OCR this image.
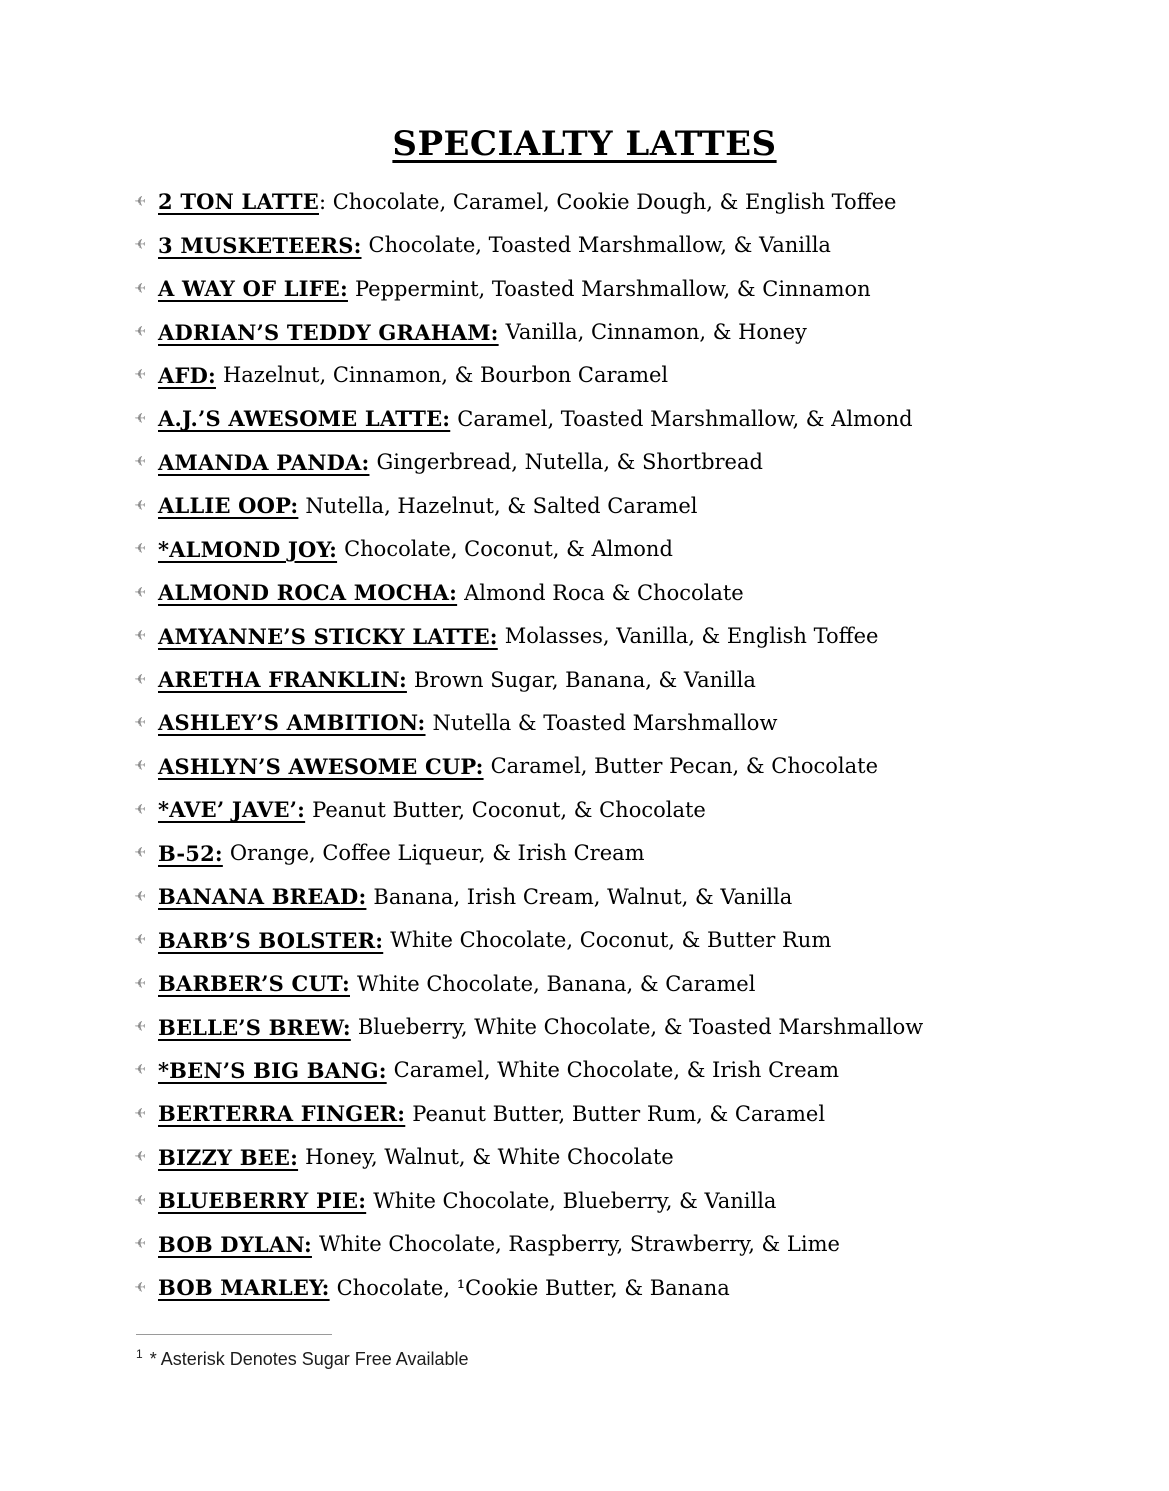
SPECIALTY LATTES
✈ 2 TON LATTE : Chocolate, Caramel, Cookie Dough, & English Toffee
✈ 3 MUSKETEERS: Chocolate, Toasted Marshmallow, & Vanilla
✈ A WAY OF LIFE: Peppermint, Toasted Marshmallow, & Cinnamon
✈ ADRIAN’S TEDDY GRAHAM: Vanilla, Cinnamon, & Honey
✈ AFD: Hazelnut, Cinnamon, & Bourbon Caramel
✈ A.J.’S AWESOME LATTE: Caramel, Toasted Marshmallow, & Almond
✈ AMANDA PANDA: Gingerbread, Nutella, & Shortbread
✈ ALLIE OOP: Nutella, Hazelnut, & Salted Caramel
✈ *ALMOND JOY: Chocolate, Coconut, & Almond
✈ ALMOND ROCA MOCHA: Almond Roca & Chocolate
✈ AMYANNE’S STICKY LATTE: Molasses, Vanilla, & English Toffee
✈ ARETHA FRANKLIN: Brown Sugar, Banana, & Vanilla
✈ ASHLEY’S AMBITION: Nutella & Toasted Marshmallow
✈ ASHLYN’S AWESOME CUP: Caramel, Butter Pecan, & Chocolate
✈ *AVE’ JAVE’: Peanut Butter, Coconut, & Chocolate
✈ B-52: Orange, Coffee Liqueur, & Irish Cream
✈ BANANA BREAD: Banana, Irish Cream, Walnut, & Vanilla
✈ BARB’S BOLSTER: White Chocolate, Coconut, & Butter Rum
✈ BARBER’S CUT: White Chocolate, Banana, & Caramel
✈ BELLE’S BREW: Blueberry, White Chocolate, & Toasted Marshmallow
✈ *BEN’S BIG BANG: Caramel, White Chocolate, & Irish Cream
✈ BERTERRA FINGER: Peanut Butter, Butter Rum, & Caramel
✈ BIZZY BEE: Honey, Walnut, & White Chocolate
✈ BLUEBERRY PIE: White Chocolate, Blueberry, & Vanilla
✈ BOB DYLAN: White Chocolate, Raspberry, Strawberry, & Lime
✈ BOB MARLEY: Chocolate, ¹Cookie Butter, & Banana

$^1$ * Asterisk Denotes Sugar Free Available
